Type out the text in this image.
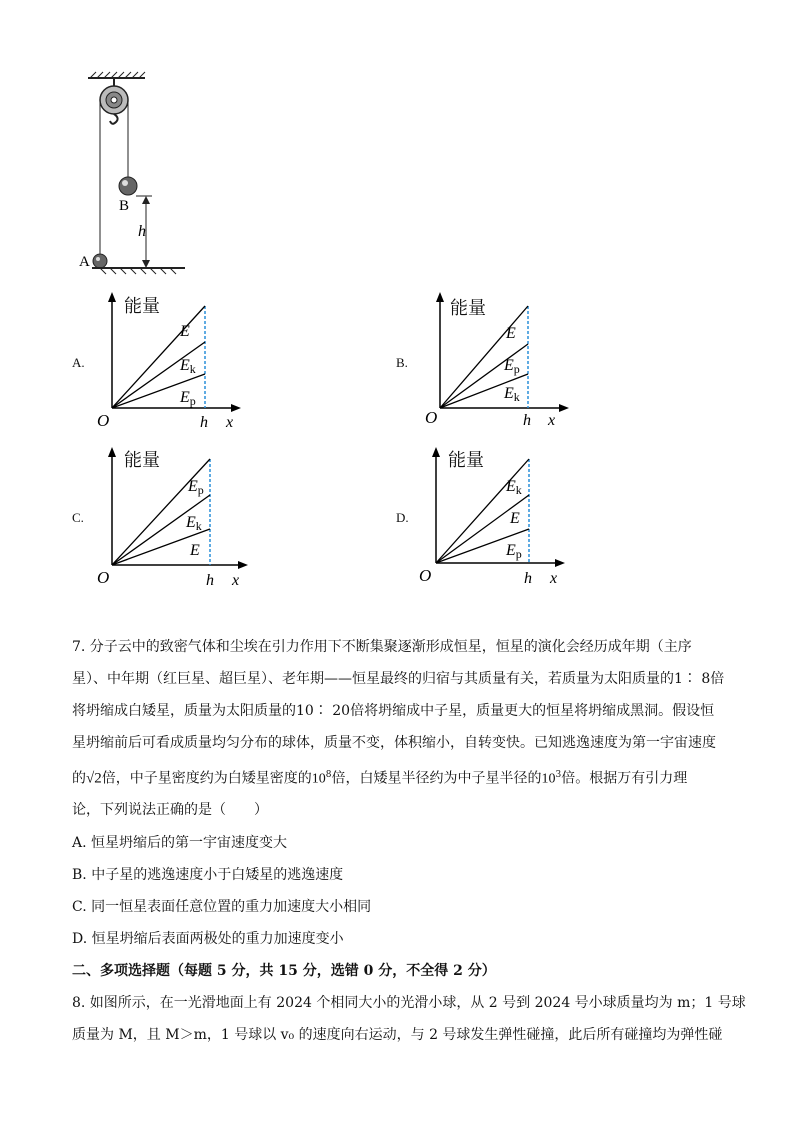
B
h
A
A.
E
Ek
Ep
O	h x
能量
B.
E
Ep
Ek
O	h x
能量
C.
Ep
Ek
E
O	h x
能量
D.
Ek
E
Ep
O	h x
能量
7. 分子云中的致密气体和尘埃在引力作用下不断集聚逐渐形成恒星，恒星的演化会经历成年期（主序
星）、中年期（红巨星、超巨星）、老年期——恒星最终的归宿与其质量有关，若质量为太阳质量的1∶ 8倍
将坍缩成白矮星，质量为太阳质量的10∶ 20倍将坍缩成中子星，质量更大的恒星将坍缩成黑洞。假设恒
星坍缩前后可看成质量均匀分布的球体，质量不变，体积缩小，自转变快。已知逃逸速度为第一宇宙速度
的√2倍，中子星密度约为白矮星密度的$10^8$倍，白矮星半径约为中子星半径的$10^3$倍。根据万有引力理
论，下列说法正确的是（　　）
A. 恒星坍缩后的第一宇宙速度变大
B. 中子星的逃逸速度小于白矮星的逃逸速度
C. 同一恒星表面任意位置的重力加速度大小相同
D. 恒星坍缩后表面两极处的重力加速度变小
二、多项选择题（每题 5 分，共 15 分，选错 0 分，不全得 2 分）
8. 如图所示，在一光滑地面上有 2024 个相同大小的光滑小球，从 2 号到 2024 号小球质量均为 m；1 号球
质量为 M，且 M＞m，1 号球以 v₀ 的速度向右运动，与 2 号球发生弹性碰撞，此后所有碰撞均为弹性碰
